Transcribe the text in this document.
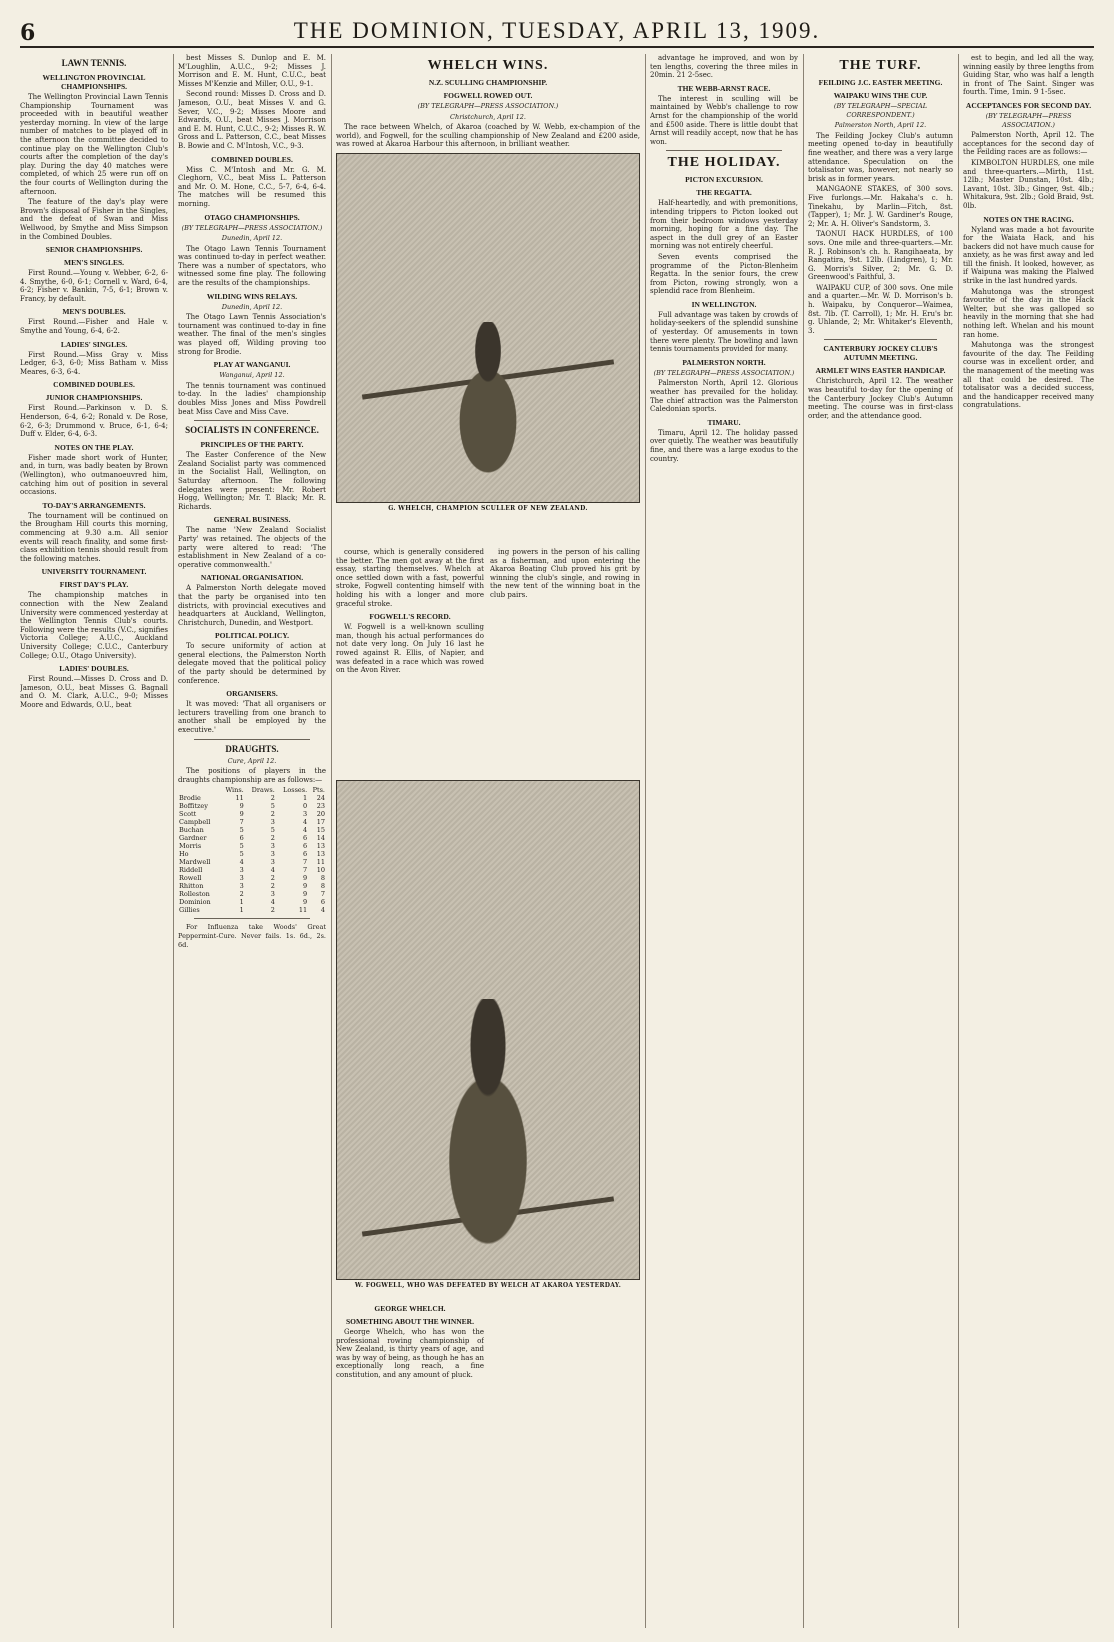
6	THE DOMINION, TUESDAY, APRIL 13, 1909.
LAWN TENNIS.
WELLINGTON PROVINCIAL CHAMPIONSHIPS.

The Wellington Provincial Lawn Tennis Championship Tournament was proceeded with in beautiful weather yesterday morning. In view of the large number of matches to be played off in the afternoon the committee decided to continue play on the Wellington Club's courts after the completion of the day's play. During the day 40 matches were completed, of which 25 were run off on the four courts of Wellington during the afternoon.

The feature of the day's play were Brown's disposal of Fisher in the Singles, and the defeat of Swan and Miss Wellwood, by Smythe and Miss Simpson in the Combined Doubles.

SENIOR CHAMPIONSHIPS.
MEN'S SINGLES.

First Round.—Young v. Webber, 6-2, 6-4. Smythe, 6-0, 6-1; Cornell v. Ward, 6-4, 6-2; Fisher v. Bankin, 7-5, 6-1; Brown v. Francy, by default.

MEN'S DOUBLES.

First Round.—Fisher and Hale v. Smythe and Young, 6-4, 6-2.

LADIES' SINGLES.

First Round.—Miss Gray v. Miss Ledger, 6-3, 6-0; Miss Batham v. Miss Meares, 6-3, 6-4.

COMBINED DOUBLES.
JUNIOR CHAMPIONSHIPS.

First Round.—Parkinson v. D. S. Henderson, 6-4, 6-2; Ronald v. De Rose, 6-2, 6-3; Drummond v. Bruce, 6-1, 6-4; Duff v. Elder, 6-4, 6-3.

NOTES ON THE PLAY.

Fisher made short work of Hunter, and, in turn, was badly beaten by Brown (Wellington), who outmanoeuvred him, catching him out of position in several occasions.

TO-DAY'S ARRANGEMENTS.

The tournament will be continued on the Brougham Hill courts this morning, commencing at 9.30 a.m. All senior events will reach finality, and some first-class exhibition tennis should result from the following matches.

UNIVERSITY TOURNAMENT.
FIRST DAY'S PLAY.

The championship matches in connection with the New Zealand University were commenced yesterday at the Wellington Tennis Club's courts. Following were the results (V.C., signifies Victoria College; A.U.C., Auckland University College; C.U.C., Canterbury College; O.U., Otago University).

LADIES' DOUBLES.

First Round.—Misses D. Cross and D. Jameson, O.U., beat Misses G. Bagnall and O. M. Clark, A.U.C., 9-0; Misses Moore and Edwards, O.U., beat

best Misses S. Dunlop and E. M. M'Loughlin, A.U.C., 9-2; Misses J. Morrison and E. M. Hunt, C.U.C., beat Misses M'Kenzie and Miller, O.U., 9-1.

Second round: Misses D. Cross and D. Jameson, O.U., beat Misses V. and G. Sever, V.C., 9-2; Misses Moore and Edwards, O.U., beat Misses J. Morrison and E. M. Hunt, C.U.C., 9-2; Misses R. W. Gross and L. Patterson, C.C., beat Misses B. Bowie and C. M'Intosh, V.C., 9-3.

COMBINED DOUBLES.

Miss C. M'Intosh and Mr. G. M. Cleghorn, V.C., beat Miss L. Patterson and Mr. O. M. Hone, C.C., 5-7, 6-4, 6-4. The matches will be resumed this morning.

OTAGO CHAMPIONSHIPS.
(BY TELEGRAPH—PRESS ASSOCIATION.)
Dunedin, April 12.

The Otago Lawn Tennis Tournament was continued to-day in perfect weather. There was a number of spectators, who witnessed some fine play. The following are the results of the championships.

WILDING WINS RELAYS.
Dunedin, April 12.

The Otago Lawn Tennis Association's tournament was continued to-day in fine weather. The final of the men's singles was played off, Wilding proving too strong for Brodie.

PLAY AT WANGANUI.
Wanganui, April 12.

The tennis tournament was continued to-day. In the ladies' championship doubles Miss Jones and Miss Powdrell beat Miss Cave and Miss Cave.

SOCIALISTS IN CONFERENCE.
PRINCIPLES OF THE PARTY.

The Easter Conference of the New Zealand Socialist party was commenced in the Socialist Hall, Wellington, on Saturday afternoon. The following delegates were present: Mr. Robert Hogg, Wellington; Mr. T. Black; Mr. R. Richards.

GENERAL BUSINESS.

The name 'New Zealand Socialist Party' was retained. The objects of the party were altered to read: 'The establishment in New Zealand of a co-operative commonwealth.'

NATIONAL ORGANISATION.

A Palmerston North delegate moved that the party be organised into ten districts, with provincial executives and headquarters at Auckland, Wellington, Christchurch, Dunedin, and Westport.

POLITICAL POLICY.

To secure uniformity of action at general elections, the Palmerston North delegate moved that the political policy of the party should be determined by conference.

ORGANISERS.

It was moved: 'That all organisers or lecturers travelling from one branch to another shall be employed by the executive.'

DRAUGHTS.
Cure, April 12.

The positions of players in the draughts championship are as follows:—

	Wins.	Draws.	Losses.	Pts.
Brodie	11	2	1	24
Boffitzey	9	5	0	23
Scott	9	2	3	20
Campbell	7	3	4	17
Buchan	5	5	4	15
Gardner	6	2	6	14
Morris	5	3	6	13
Ho	5	3	6	13
Mardwell	4	3	7	11
Riddell	3	4	7	10
Rowell	3	2	9	8
Rhitton	3	2	9	8
Rolleston	2	3	9	7
Dominion	1	4	9	6
Gillies	1	2	11	4

For Influenza take Woods' Great Peppermint-Cure. Never fails. 1s. 6d., 2s. 6d.

WHELCH WINS.
N.Z. SCULLING CHAMPIONSHIP.
FOGWELL ROWED OUT.
(BY TELEGRAPH—PRESS ASSOCIATION.)
Christchurch, April 12.

The race between Whelch, of Akaroa (coached by W. Webb, ex-champion of the world), and Fogwell, for the sculling championship of New Zealand and £200 aside, was rowed at Akaroa Harbour this afternoon, in brilliant weather.

G. WHELCH, CHAMPION SCULLER OF NEW ZEALAND.

course, which is generally considered the better. The men got away at the first essay, starting themselves. Whelch at once settled down with a fast, powerful stroke, Fogwell contenting himself with holding his with a longer and more graceful stroke.

FOGWELL'S RECORD.

W. Fogwell is a well-known sculling man, though his actual performances do not date very long. On July 16 last he rowed against R. Ellis, of Napier, and was defeated in a race which was rowed on the Avon River.

ing powers in the person of his calling as a fisherman, and upon entering the Akaroa Boating Club proved his grit by winning the club's single, and rowing in the new tent of the winning boat in the club pairs.

W. FOGWELL, WHO WAS DEFEATED BY WELCH AT AKAROA YESTERDAY.
GEORGE WHELCH.
SOMETHING ABOUT THE WINNER.

George Whelch, who has won the professional rowing championship of New Zealand, is thirty years of age, and was by way of being, as though he has an exceptionally long reach, a fine constitution, and any amount of pluck.

advantage he improved, and won by ten lengths, covering the three miles in 20min. 21 2-5sec.

THE WEBB-ARNST RACE.

The interest in sculling will be maintained by Webb's challenge to row Arnst for the championship of the world and £500 aside. There is little doubt that Arnst will readily accept, now that he has won.

THE HOLIDAY.
PICTON EXCURSION.
THE REGATTA.

Half-heartedly, and with premonitions, intending trippers to Picton looked out from their bedroom windows yesterday morning, hoping for a fine day. The aspect in the dull grey of an Easter morning was not entirely cheerful.

Seven events comprised the programme of the Picton-Blenheim Regatta. In the senior fours, the crew from Picton, rowing strongly, won a splendid race from Blenheim.

IN WELLINGTON.

Full advantage was taken by crowds of holiday-seekers of the splendid sunshine of yesterday. Of amusements in town there were plenty. The bowling and lawn tennis tournaments provided for many.

PALMERSTON NORTH.
(BY TELEGRAPH—PRESS ASSOCIATION.)

Palmerston North, April 12. Glorious weather has prevailed for the holiday. The chief attraction was the Palmerston Caledonian sports.

TIMARU.

Timaru, April 12. The holiday passed over quietly. The weather was beautifully fine, and there was a large exodus to the country.

THE TURF.
FEILDING J.C. EASTER MEETING.
WAIPAKU WINS THE CUP.
(BY TELEGRAPH—SPECIAL CORRESPONDENT.)
Palmerston North, April 12.

The Feilding Jockey Club's autumn meeting opened to-day in beautifully fine weather, and there was a very large attendance. Speculation on the totalisator was, however, not nearly so brisk as in former years.

MANGAONE STAKES, of 300 sovs. Five furlongs.—Mr. Hakaha's c. h. Tinekahu, by Marlin—Fitch, 8st. (Tapper), 1; Mr. J. W. Gardiner's Rouge, 2; Mr. A. H. Oliver's Sandstorm, 3.

TAONUI HACK HURDLES, of 100 sovs. One mile and three-quarters.—Mr. R. J. Robinson's ch. h. Rangihaeata, by Rangatira, 9st. 12lb. (Lindgren), 1; Mr. G. Morris's Silver, 2; Mr. G. D. Greenwood's Faithful, 3.

WAIPAKU CUP, of 300 sovs. One mile and a quarter.—Mr. W. D. Morrison's b. h. Waipaku, by Conqueror—Waimea, 8st. 7lb. (T. Carroll), 1; Mr. H. Eru's br. g. Uhlande, 2; Mr. Whitaker's Eleventh, 3.

CANTERBURY JOCKEY CLUB'S AUTUMN MEETING.
ARMLET WINS EASTER HANDICAP.

Christchurch, April 12. The weather was beautiful to-day for the opening of the Canterbury Jockey Club's Autumn meeting. The course was in first-class order, and the attendance good.

est to begin, and led all the way, winning easily by three lengths from Guiding Star, who was half a length in front of The Saint. Singer was fourth. Time, 1min. 9 1-5sec.

ACCEPTANCES FOR SECOND DAY.
(BY TELEGRAPH—PRESS ASSOCIATION.)

Palmerston North, April 12. The acceptances for the second day of the Feilding races are as follows:—

KIMBOLTON HURDLES, one mile and three-quarters.—Mirth, 11st. 12lb.; Master Dunstan, 10st. 4lb.; Lavant, 10st. 3lb.; Ginger, 9st. 4lb.; Whitakura, 9st. 2lb.; Gold Braid, 9st. 0lb.

NOTES ON THE RACING.

Nyland was made a hot favourite for the Waiata Hack, and his backers did not have much cause for anxiety, as he was first away and led till the finish. It looked, however, as if Waipuna was making the Plalwed strike in the last hundred yards.

Mahutonga was the strongest favourite of the day in the Hack Welter, but she was galloped so heavily in the morning that she had nothing left. Whelan and his mount ran home.

Mahutonga was the strongest favourite of the day. The Feilding course was in excellent order, and the management of the meeting was all that could be desired. The totalisator was a decided success, and the handicapper received many congratulations.
